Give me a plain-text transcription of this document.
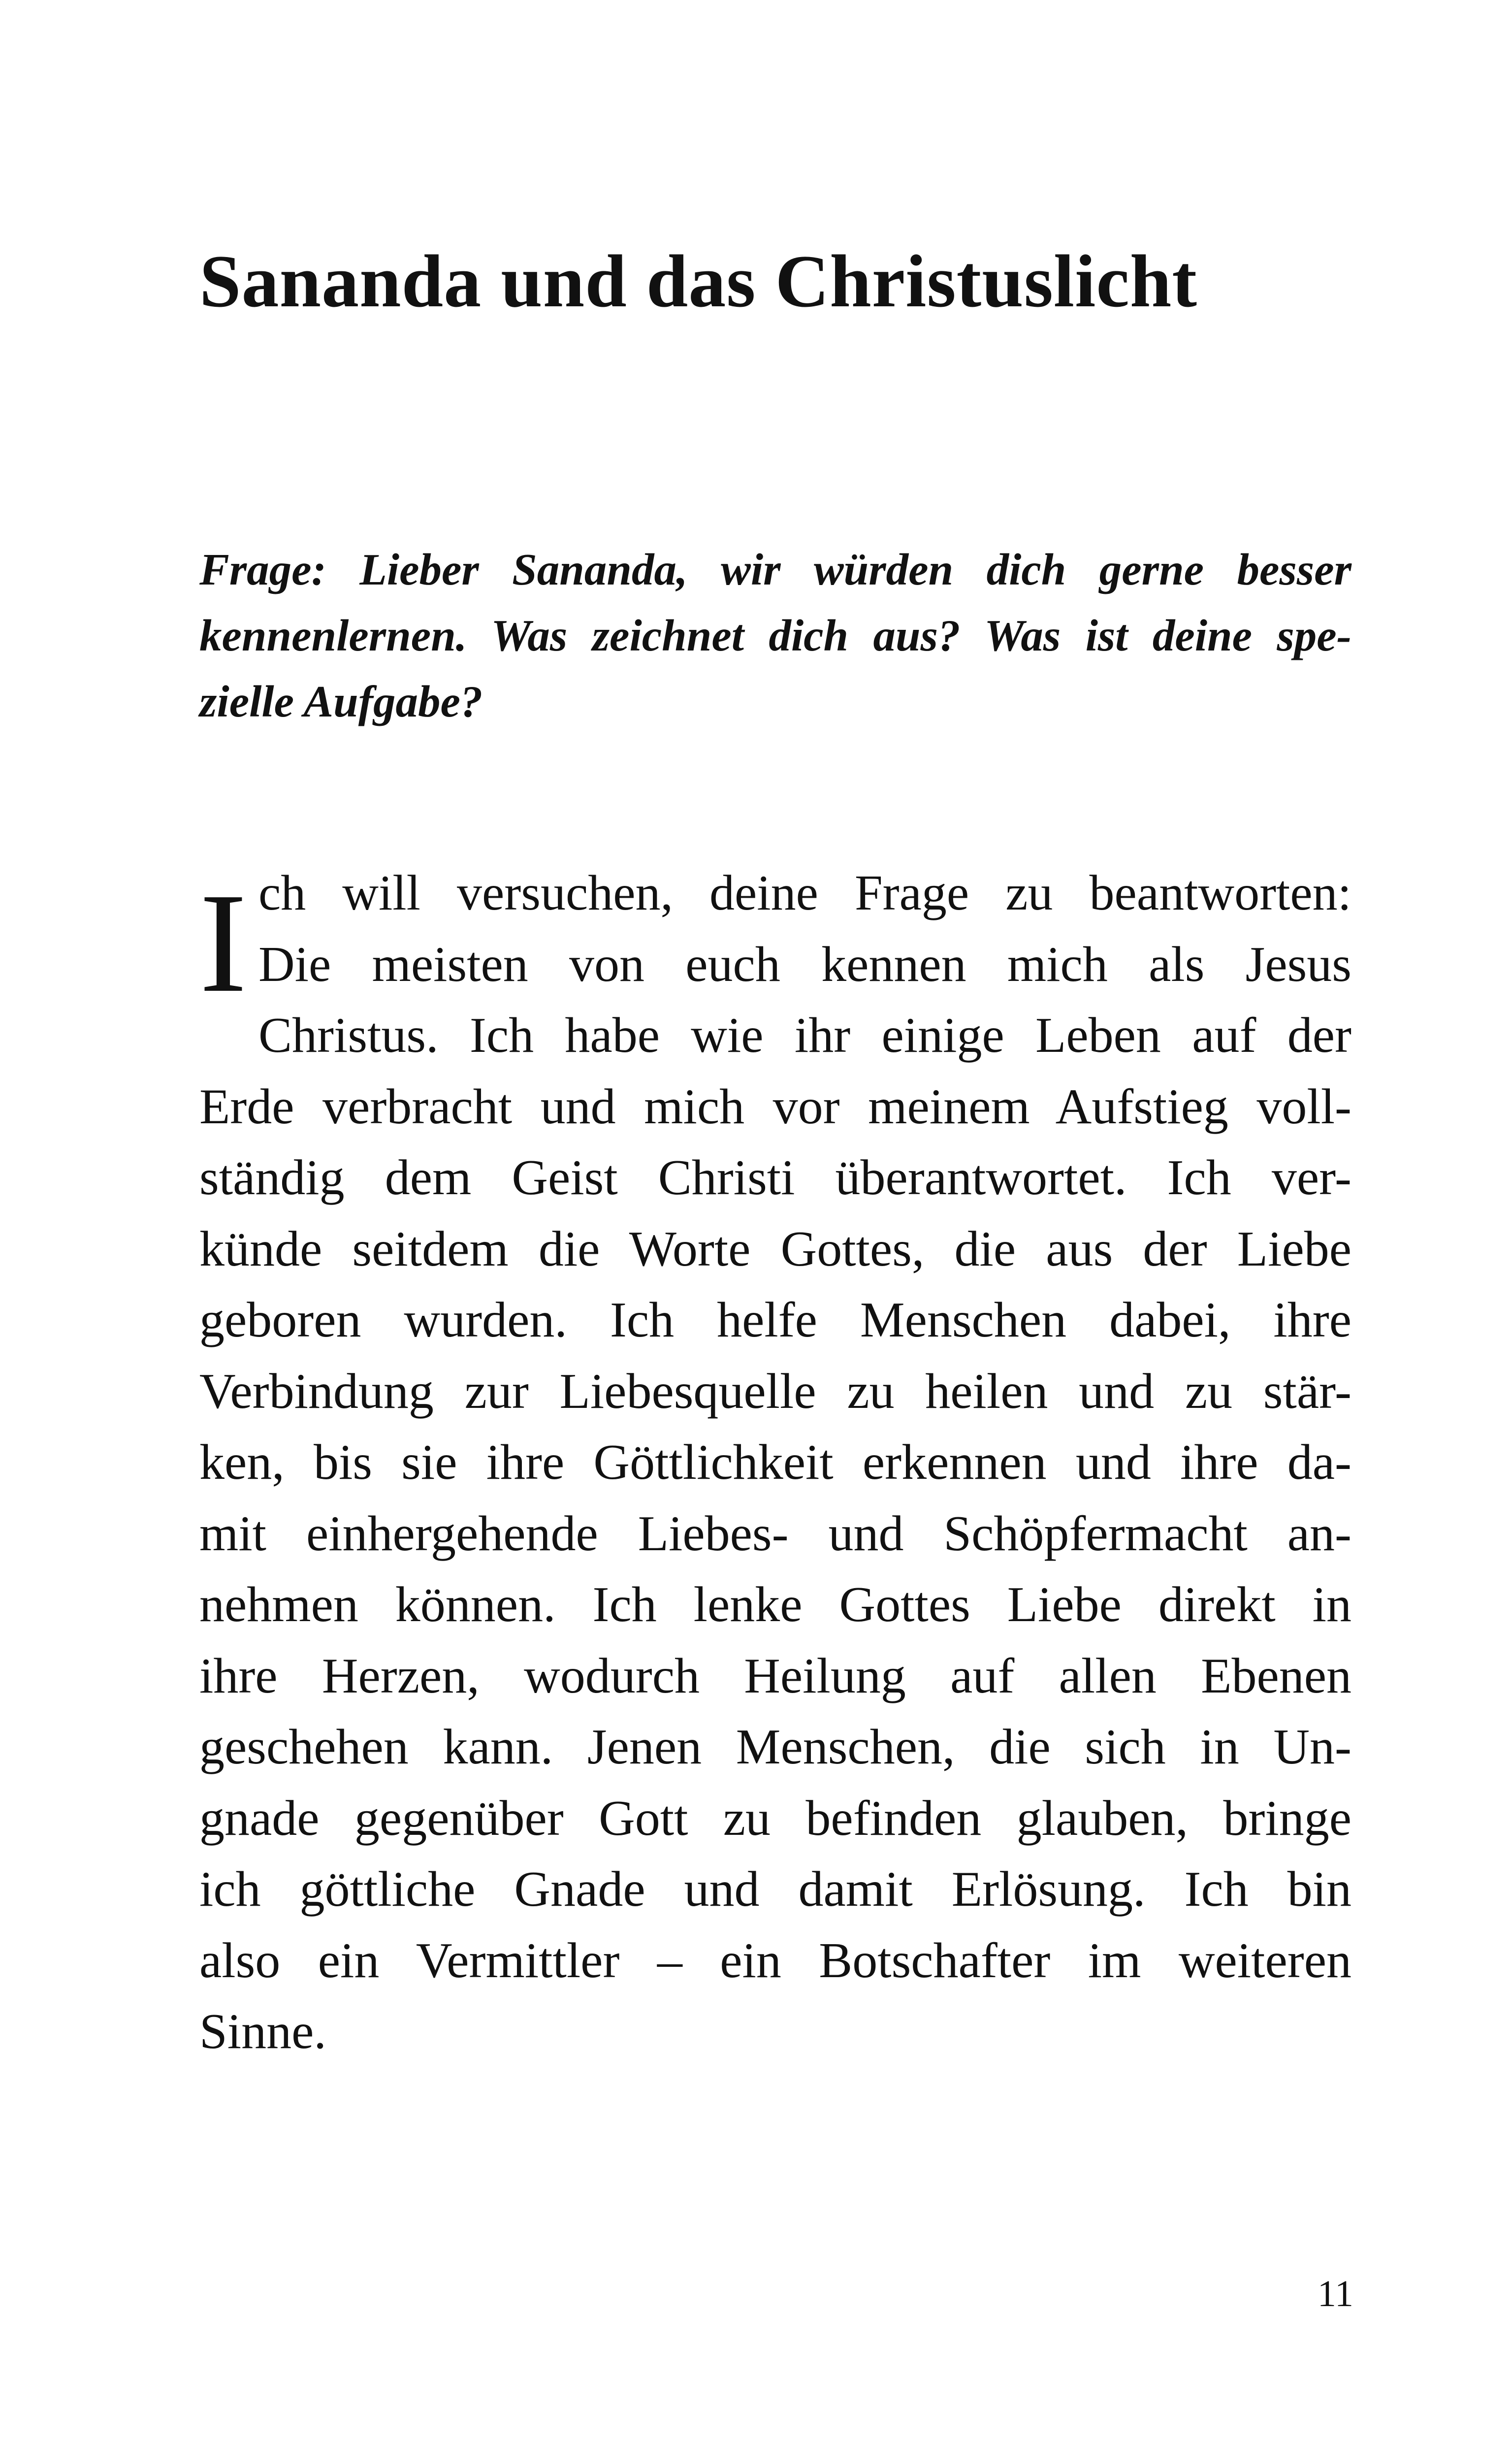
Sananda und das Christuslicht

Frage: Lieber Sananda, wir würden dich gerne besser
kennenlernen. Was zeichnet dich aus? Was ist deine spe-
zielle Aufgabe?

I ch will versuchen, deine Frage zu beantworten:
Die meisten von euch kennen mich als Jesus
Christus. Ich habe wie ihr einige Leben auf der
Erde verbracht und mich vor meinem Aufstieg voll-
ständig dem Geist Christi überantwortet. Ich ver-
künde seitdem die Worte Gottes, die aus der Liebe
geboren wurden. Ich helfe Menschen dabei, ihre
Verbindung zur Liebesquelle zu heilen und zu stär-
ken, bis sie ihre Göttlichkeit erkennen und ihre da-
mit einhergehende Liebes- und Schöpfermacht an-
nehmen können. Ich lenke Gottes Liebe direkt in
ihre Herzen, wodurch Heilung auf allen Ebenen
geschehen kann. Jenen Menschen, die sich in Un-
gnade gegenüber Gott zu befinden glauben, bringe
ich göttliche Gnade und damit Erlösung. Ich bin
also ein Vermittler – ein Botschafter im weiteren
Sinne.
11
